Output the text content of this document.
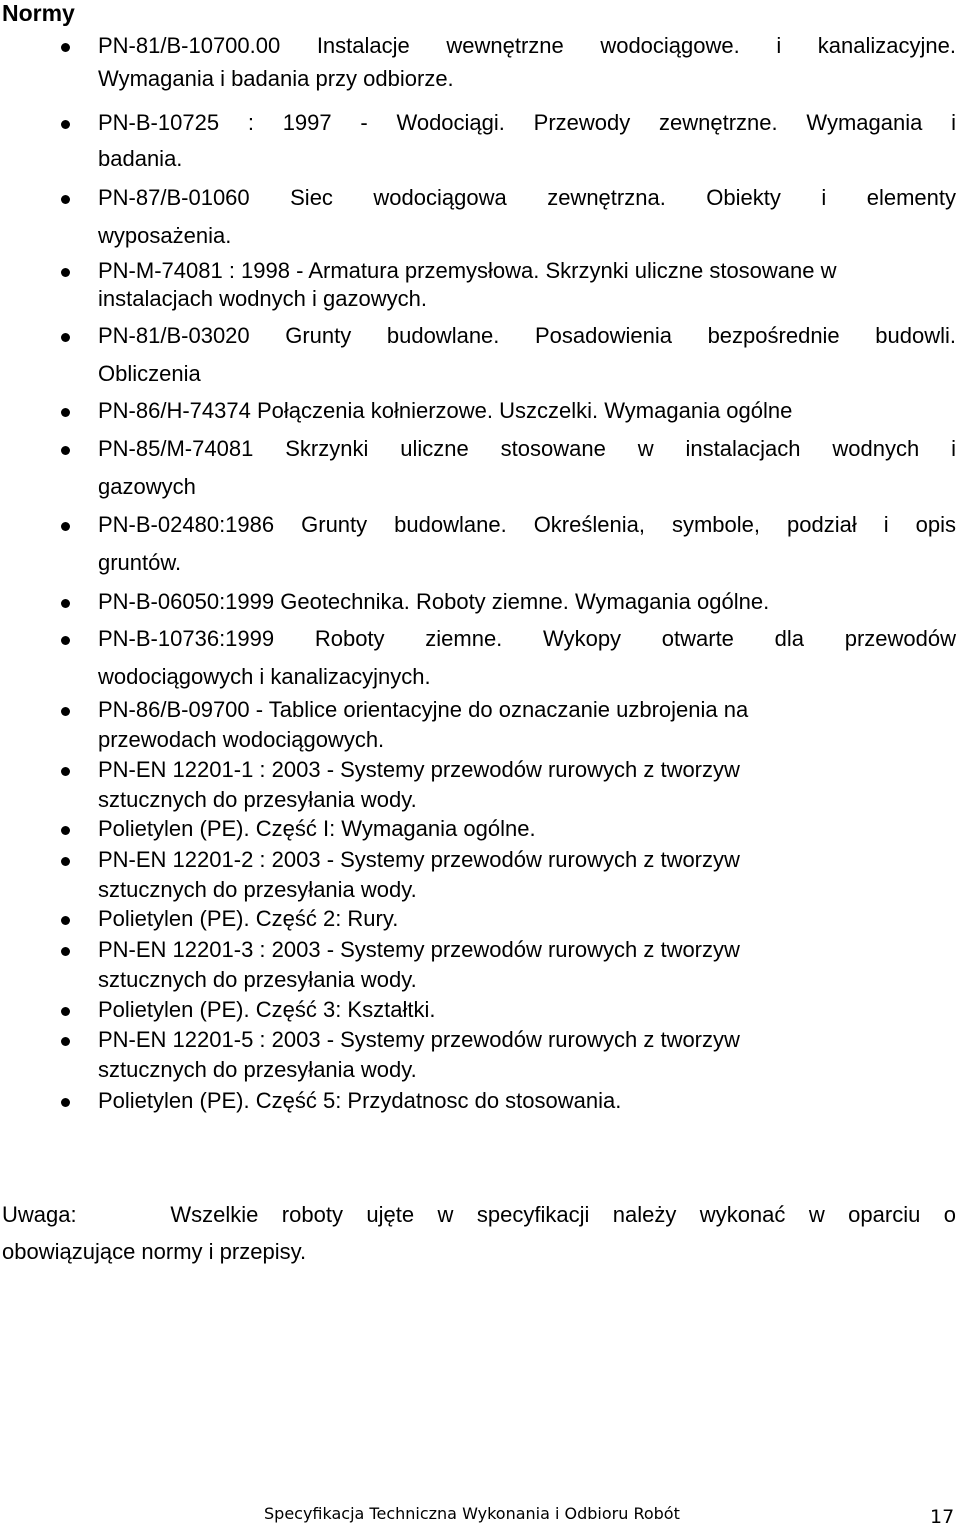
Normy
PN-81/B-10700.00 Instalacje wewnętrzne wodociągowe. i kanalizacyjne.
Wymagania i badania przy odbiorze.
PN-B-10725 : 1997 - Wodociągi. Przewody zewnętrzne. Wymagania i
badania.
PN-87/B-01060 Siec wodociągowa zewnętrzna. Obiekty i elementy
wyposażenia.
PN-M-74081 : 1998 - Armatura przemysłowa. Skrzynki uliczne stosowane w
instalacjach wodnych i gazowych.
PN-81/B-03020 Grunty budowlane. Posadowienia bezpośrednie budowli.
Obliczenia
PN-86/H-74374 Połączenia kołnierzowe. Uszczelki. Wymagania ogólne
PN-85/M-74081 Skrzynki uliczne stosowane w instalacjach wodnych i
gazowych
PN-B-02480:1986 Grunty budowlane. Określenia, symbole, podział i opis
gruntów.
PN-B-06050:1999 Geotechnika. Roboty ziemne. Wymagania ogólne.
PN-B-10736:1999 Roboty ziemne. Wykopy otwarte dla przewodów
wodociągowych i kanalizacyjnych.
PN-86/B-09700 - Tablice orientacyjne do oznaczanie uzbrojenia na
przewodach wodociągowych.
PN-EN 12201-1 : 2003 - Systemy przewodów rurowych z tworzyw
sztucznych do przesyłania wody.
Polietylen (PE). Część I: Wymagania ogólne.
PN-EN 12201-2 : 2003 - Systemy przewodów rurowych z tworzyw
sztucznych do przesyłania wody.
Polietylen (PE). Część 2: Rury.
PN-EN 12201-3 : 2003 - Systemy przewodów rurowych z tworzyw
sztucznych do przesyłania wody.
Polietylen (PE). Część 3: Kształtki.
PN-EN 12201-5 : 2003 - Systemy przewodów rurowych z tworzyw
sztucznych do przesyłania wody.
Polietylen (PE). Część 5: Przydatnosc do stosowania.
Uwaga:    Wszelkie roboty ujęte w specyfikacji należy wykonać w oparciu o
obowiązujące normy i przepisy.
Specyfikacja Techniczna Wykonania i Odbioru Robót	17
